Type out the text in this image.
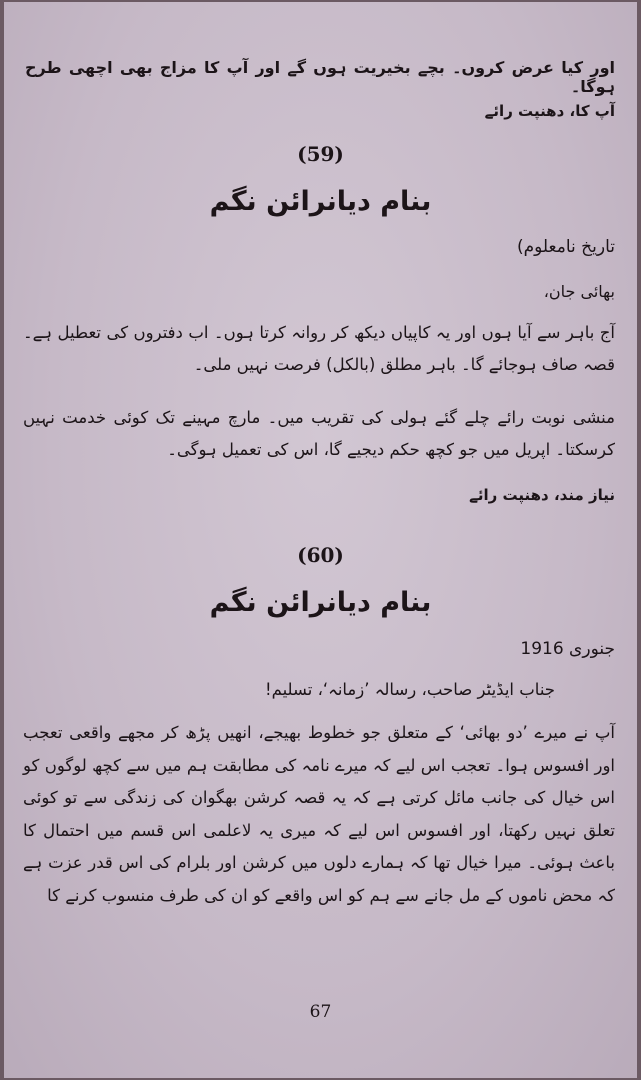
اور کیا عرض کروں۔ بچے بخیریت ہوں گے اور آپ کا مزاج بھی اچھی طرح ہوگا۔
آپ کا، دھنپت رائے
(59)
بنام دیانرائن نگم
تاریخ نامعلوم)
بھائی جان،
آج باہر سے آیا ہوں اور یہ کاپیاں دیکھ کر روانہ کرتا ہوں۔ اب دفتروں کی تعطیل ہے۔ قصہ صاف ہوجائے گا۔ باہر مطلق (بالکل) فرصت نہیں ملی۔
منشی نوبت رائے چلے گئے ہولی کی تقریب میں۔ مارچ مہینے تک کوئی خدمت نہیں کرسکتا۔ اپریل میں جو کچھ حکم دیجیے گا، اس کی تعمیل ہوگی۔
نیاز مند، دھنپت رائے
(60)
بنام دیانرائن نگم
جنوری 1916
جناب ایڈیٹر صاحب، رسالہ ’زمانہ‘، تسلیم!
آپ نے میرے ’دو بھائی‘ کے متعلق جو خطوط بھیجے، انھیں پڑھ کر مجھے واقعی تعجب اور افسوس ہوا۔ تعجب اس لیے کہ میرے نامہ کی مطابقت ہم میں سے کچھ لوگوں کو اس خیال کی جانب مائل کرتی ہے کہ یہ قصہ کرشن بھگوان کی زندگی سے تو کوئی تعلق نہیں رکھتا، اور افسوس اس لیے کہ میری یہ لاعلمی اس قسم میں احتمال کا باعث ہوئی۔ میرا خیال تھا کہ ہمارے دلوں میں کرشن اور بلرام کی اس قدر عزت ہے کہ محض ناموں کے مل جانے سے ہم کو اس واقعے کو ان کی طرف منسوب کرنے کا
67
